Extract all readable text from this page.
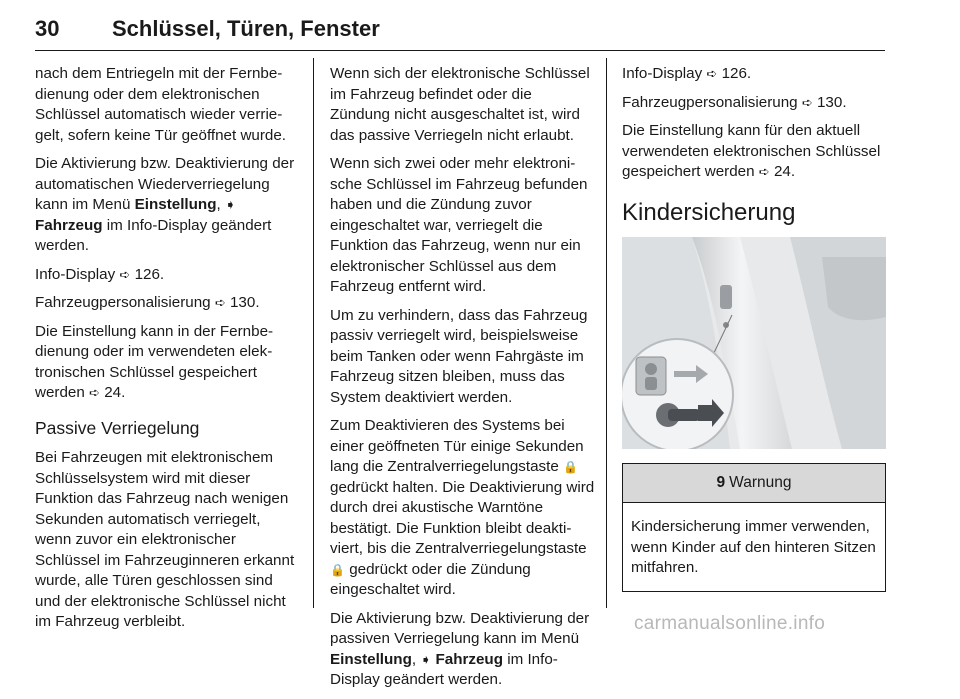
30 Schlüssel, Türen, Fenster

nach dem Entriegeln mit der Fernbedienung oder dem elektronischen Schlüssel automatisch wieder verriegelt, sofern keine Tür geöffnet wurde.

Die Aktivierung bzw. Deaktivierung der automatischen Wiederverriegelung kann im Menü Einstellung, ➧ Fahrzeug im Info-Display geändert werden.

Info-Display ➪ 126.

Fahrzeugpersonalisierung ➪ 130.

Die Einstellung kann in der Fernbedienung oder im verwendeten elektronischen Schlüssel gespeichert werden ➪ 24.

Passive Verriegelung

Bei Fahrzeugen mit elektronischem Schlüsselsystem wird mit dieser Funktion das Fahrzeug nach wenigen Sekunden automatisch verriegelt, wenn zuvor ein elektronischer Schlüssel im Fahrzeuginneren erkannt wurde, alle Türen geschlossen sind und der elektronische Schlüssel nicht im Fahrzeug verbleibt.

Wenn sich der elektronische Schlüssel im Fahrzeug befindet oder die Zündung nicht ausgeschaltet ist, wird das passive Verriegeln nicht erlaubt.

Wenn sich zwei oder mehr elektronische Schlüssel im Fahrzeug befunden haben und die Zündung zuvor eingeschaltet war, verriegelt die Funktion das Fahrzeug, wenn nur ein elektronischer Schlüssel aus dem Fahrzeug entfernt wird.

Um zu verhindern, dass das Fahrzeug passiv verriegelt wird, beispielsweise beim Tanken oder wenn Fahrgäste im Fahrzeug sitzen bleiben, muss das System deaktiviert werden.

Zum Deaktivieren des Systems bei einer geöffneten Tür einige Sekunden lang die Zentralverriegelungstaste 🔒 gedrückt halten. Die Deaktivierung wird durch drei akustische Warntöne bestätigt. Die Funktion bleibt deaktiviert, bis die Zentralverriegelungstaste 🔒 gedrückt oder die Zündung eingeschaltet wird.

Die Aktivierung bzw. Deaktivierung der passiven Verriegelung kann im Menü Einstellung, ➧ Fahrzeug im Info-Display geändert werden.

Info-Display ➪ 126.

Fahrzeugpersonalisierung ➪ 130.

Die Einstellung kann für den aktuell verwendeten elektronischen Schlüssel gespeichert werden ➪ 24.

Kindersicherung
9 Warnung
Kindersicherung immer verwenden, wenn Kinder auf den hinteren Sitzen mitfahren.
carmanualsonline.info
